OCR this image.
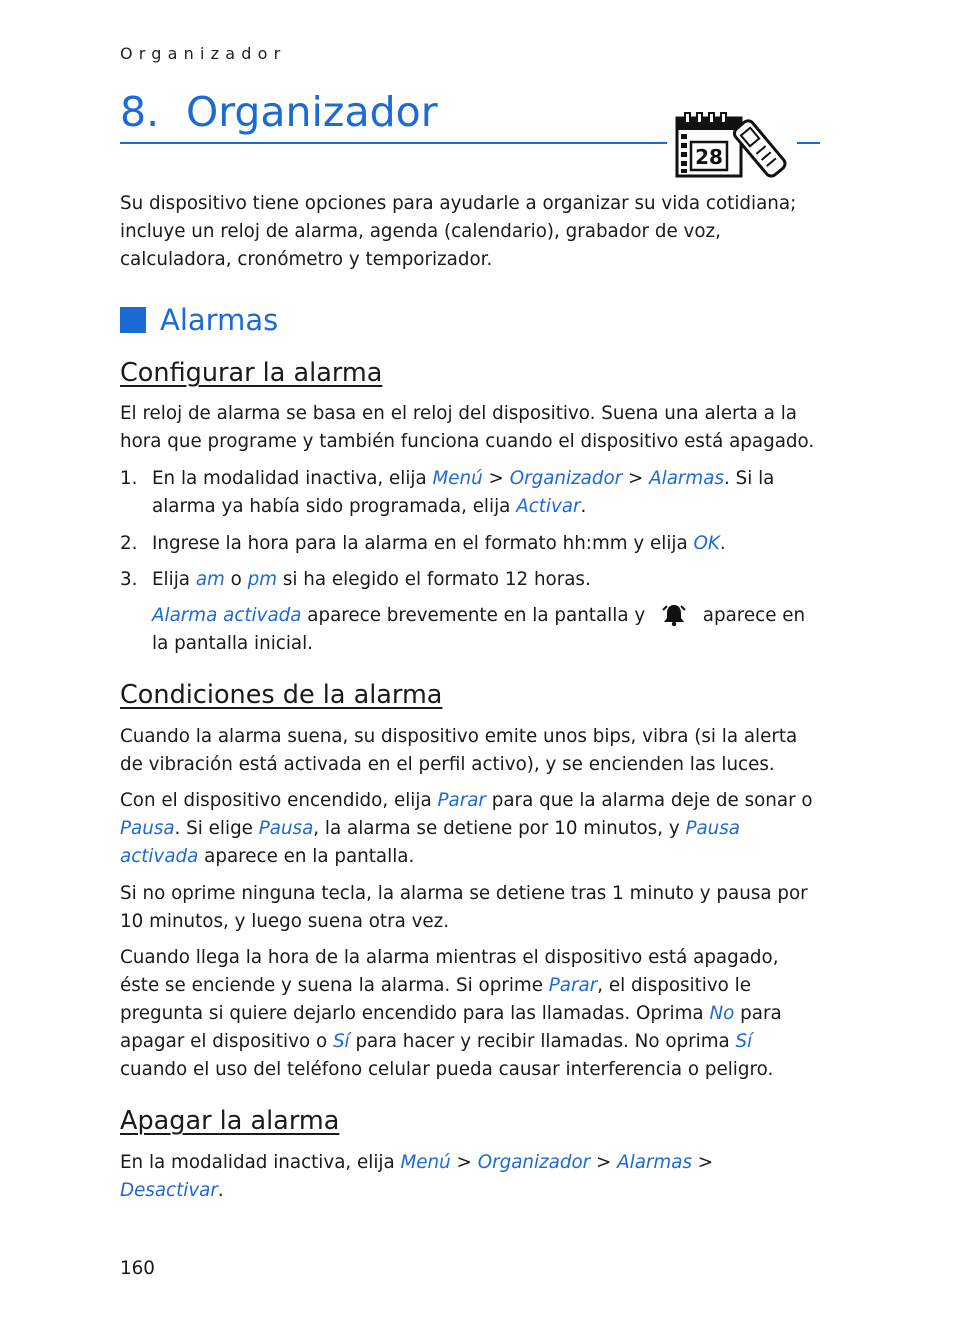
Organizador
8. Organizador
28

Su dispositivo tiene opciones para ayudarle a organizar su vida cotidiana; incluye un reloj de alarma, agenda (calendario), grabador de voz, calculadora, cronómetro y temporizador.

Alarmas
Configurar la alarma

El reloj de alarma se basa en el reloj del dispositivo. Suena una alerta a la hora que programe y también funciona cuando el dispositivo está apagado.

1. En la modalidad inactiva, elija Menú > Organizador > Alarmas. Si la alarma ya había sido programada, elija Activar.
2. Ingrese la hora para la alarma en el formato hh:mm y elija OK.
3. Elija am o pm si ha elegido el formato 12 horas.
Alarma activada aparece brevemente en la pantalla y	aparece en la pantalla inicial.
Condiciones de la alarma

Cuando la alarma suena, su dispositivo emite unos bips, vibra (si la alerta de vibración está activada en el perfil activo), y se encienden las luces.

Con el dispositivo encendido, elija Parar para que la alarma deje de sonar o Pausa. Si elige Pausa, la alarma se detiene por 10 minutos, y Pausa activada aparece en la pantalla.

Si no oprime ninguna tecla, la alarma se detiene tras 1 minuto y pausa por 10 minutos, y luego suena otra vez.

Cuando llega la hora de la alarma mientras el dispositivo está apagado, éste se enciende y suena la alarma. Si oprime Parar, el dispositivo le pregunta si quiere dejarlo encendido para las llamadas. Oprima No para apagar el dispositivo o Sí para hacer y recibir llamadas. No oprima Sí cuando el uso del teléfono celular pueda causar interferencia o peligro.

Apagar la alarma

En la modalidad inactiva, elija Menú > Organizador > Alarmas > Desactivar.

160
